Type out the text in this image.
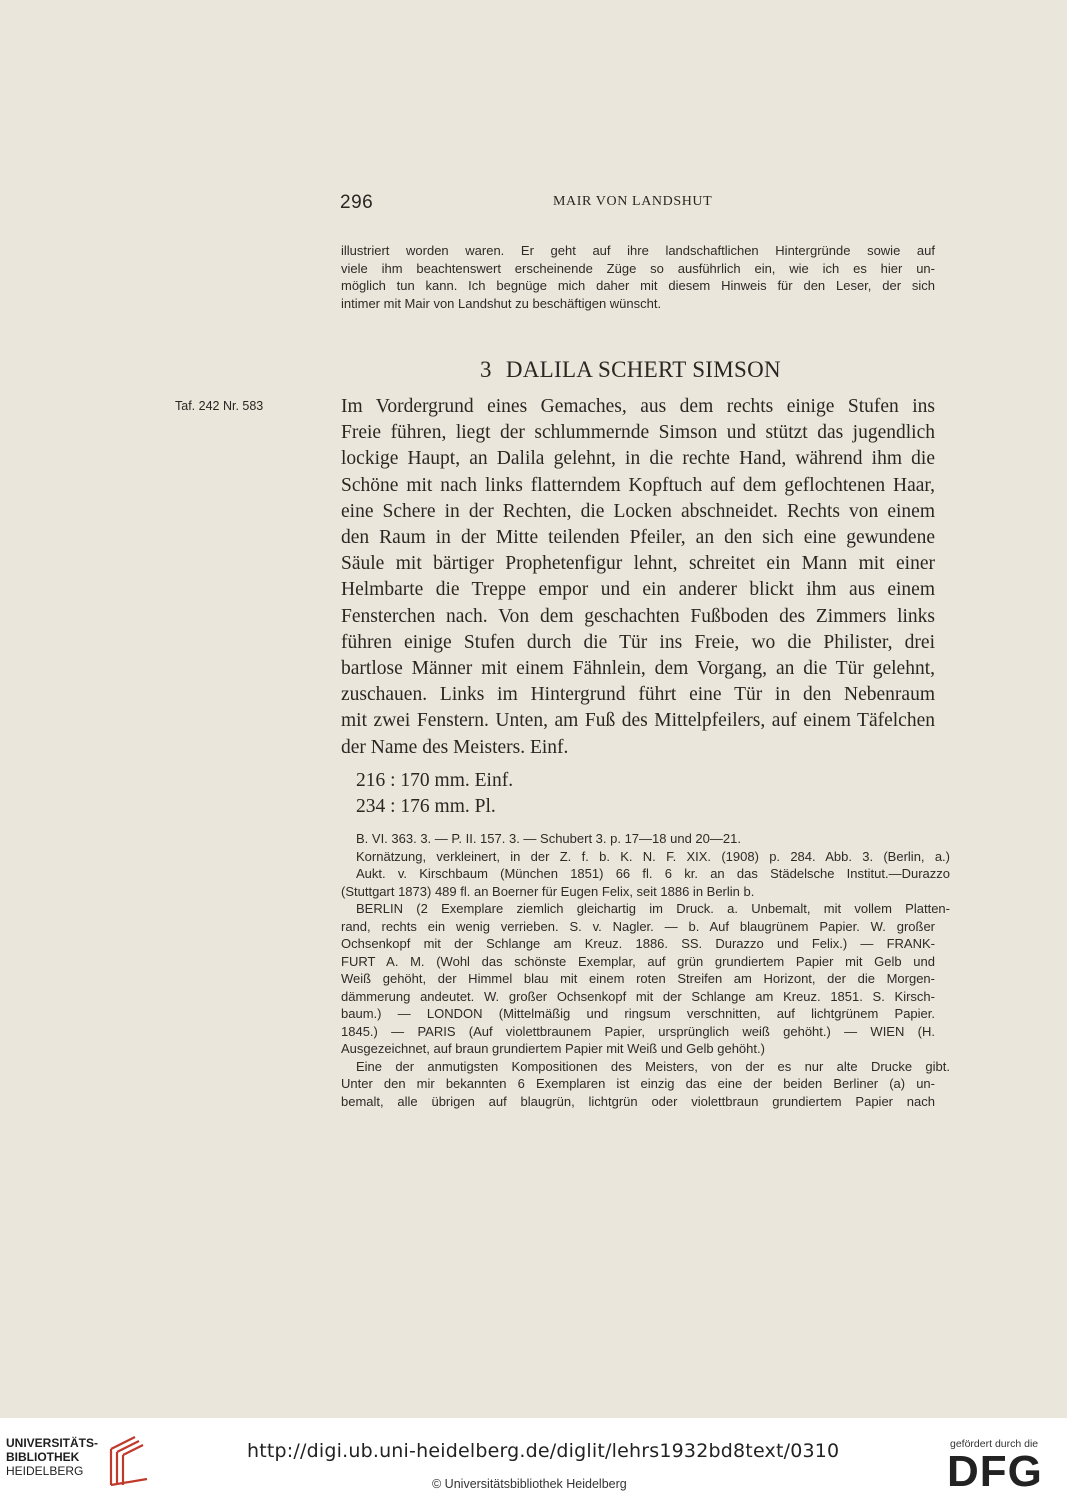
296	MAIR VON LANDSHUT
illustriert worden waren. Er geht auf ihre landschaftlichen Hintergründe sowie auf
viele ihm beachtenswert erscheinende Züge so ausführlich ein, wie ich es hier un-
möglich tun kann. Ich begnüge mich daher mit diesem Hinweis für den Leser, der sich
intimer mit Mair von Landshut zu beschäftigen wünscht.
3 DALILA SCHERT SIMSON
Taf. 242 Nr. 583	Im Vordergrund eines Gemaches, aus dem rechts einige Stufen ins
Freie führen, liegt der schlummernde Simson und stützt das jugendlich
lockige Haupt, an Dalila gelehnt, in die rechte Hand, während ihm die
Schöne mit nach links flatterndem Kopftuch auf dem geflochtenen Haar,
eine Schere in der Rechten, die Locken abschneidet. Rechts von einem
den Raum in der Mitte teilenden Pfeiler, an den sich eine gewundene
Säule mit bärtiger Prophetenfigur lehnt, schreitet ein Mann mit einer
Helmbarte die Treppe empor und ein anderer blickt ihm aus einem
Fensterchen nach. Von dem geschachten Fußboden des Zimmers links
führen einige Stufen durch die Tür ins Freie, wo die Philister, drei
bartlose Männer mit einem Fähnlein, dem Vorgang, an die Tür gelehnt,
zuschauen. Links im Hintergrund führt eine Tür in den Nebenraum
mit zwei Fenstern. Unten, am Fuß des Mittelpfeilers, auf einem Täfelchen
der Name des Meisters. Einf.
216 : 170 mm. Einf.
234 : 176 mm. Pl.
B. VI. 363. 3. — P. II. 157. 3. — Schubert 3. p. 17—18 und 20—21.
Kornätzung, verkleinert, in der Z. f. b. K. N. F. XIX. (1908) p. 284. Abb. 3. (Berlin, a.)
Aukt. v. Kirschbaum (München 1851) 66 fl. 6 kr. an das Städelsche Institut.—Durazzo
(Stuttgart 1873) 489 fl. an Boerner für Eugen Felix, seit 1886 in Berlin b.
BERLIN (2 Exemplare ziemlich gleichartig im Druck. a. Unbemalt, mit vollem Platten-
rand, rechts ein wenig verrieben. S. v. Nagler. — b. Auf blaugrünem Papier. W. großer
Ochsenkopf mit der Schlange am Kreuz. 1886. SS. Durazzo und Felix.) — FRANK-
FURT A. M. (Wohl das schönste Exemplar, auf grün grundiertem Papier mit Gelb und
Weiß gehöht, der Himmel blau mit einem roten Streifen am Horizont, der die Morgen-
dämmerung andeutet. W. großer Ochsenkopf mit der Schlange am Kreuz. 1851. S. Kirsch-
baum.) — LONDON (Mittelmäßig und ringsum verschnitten, auf lichtgrünem Papier.
1845.) — PARIS (Auf violettbraunem Papier, ursprünglich weiß gehöht.) — WIEN (H.
Ausgezeichnet, auf braun grundiertem Papier mit Weiß und Gelb gehöht.)
Eine der anmutigsten Kompositionen des Meisters, von der es nur alte Drucke gibt.
Unter den mir bekannten 6 Exemplaren ist einzig das eine der beiden Berliner (a) un-
bemalt, alle übrigen auf blaugrün, lichtgrün oder violettbraun grundiertem Papier nach
UNIVERSITÄTS-
BIBLIOTHEK
HEIDELBERG
http://digi.ub.uni-heidelberg.de/diglit/lehrs1932bd8text/0310
© Universitätsbibliothek Heidelberg
gefördert durch die
DFG
